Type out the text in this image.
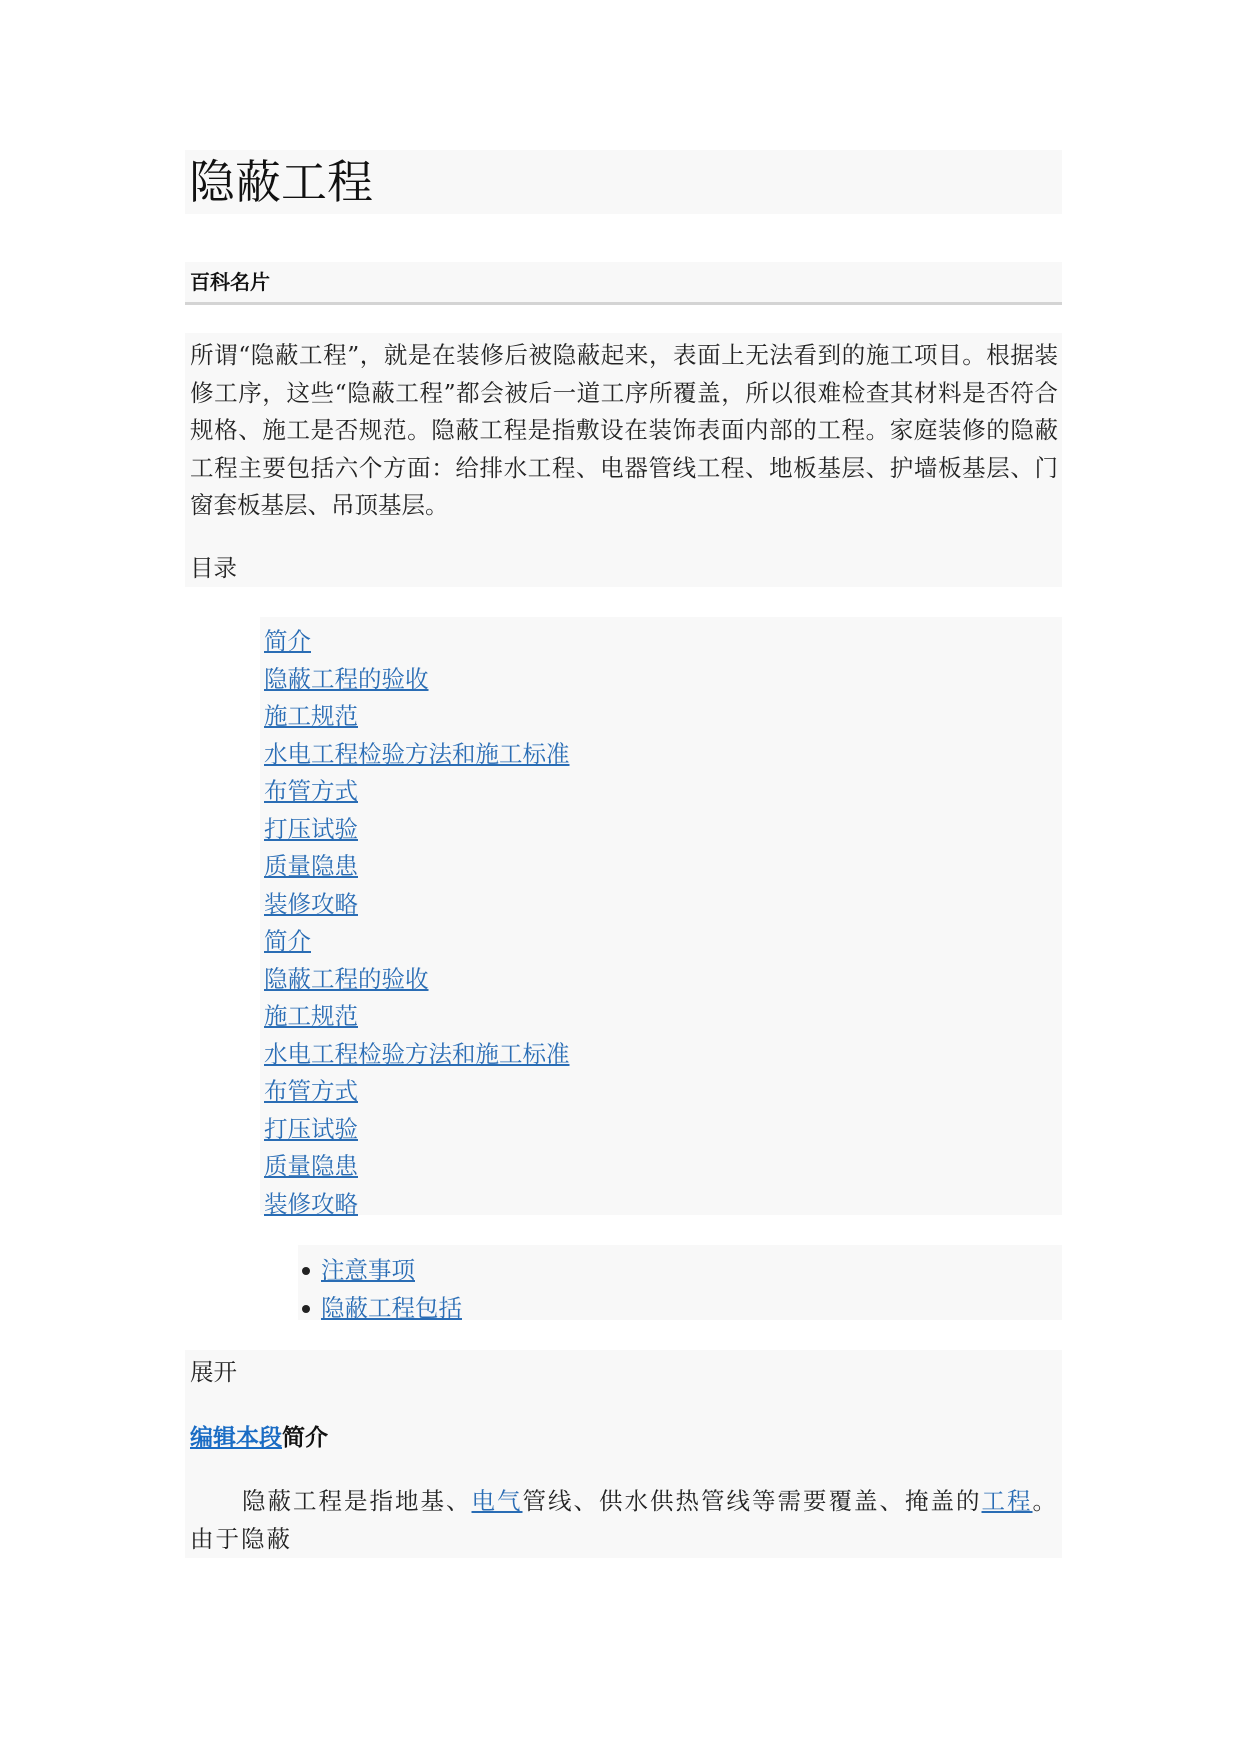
隐蔽工程
百科名片

所谓“隐蔽工程”，就是在装修后被隐蔽起来，表面上无法看到的施工项目。根据装修工序，这些“隐蔽工程”都会被后一道工序所覆盖，所以很难检查其材料是否符合规格、施工是否规范。隐蔽工程是指敷设在装饰表面内部的工程。家庭装修的隐蔽工程主要包括六个方面：给排水工程、电器管线工程、地板基层、护墙板基层、门窗套板基层、吊顶基层。

目录
简介
隐蔽工程的验收
施工规范
水电工程检验方法和施工标准
布管方式
打压试验
质量隐患
装修攻略
简介
隐蔽工程的验收
施工规范
水电工程检验方法和施工标准
布管方式
打压试验
质量隐患
装修攻略
注意事项
隐蔽工程包括
展开
编辑本段简介
隐蔽工程是指地基、电气管线、供水供热管线等需要覆盖、掩盖的工程。由于隐蔽
